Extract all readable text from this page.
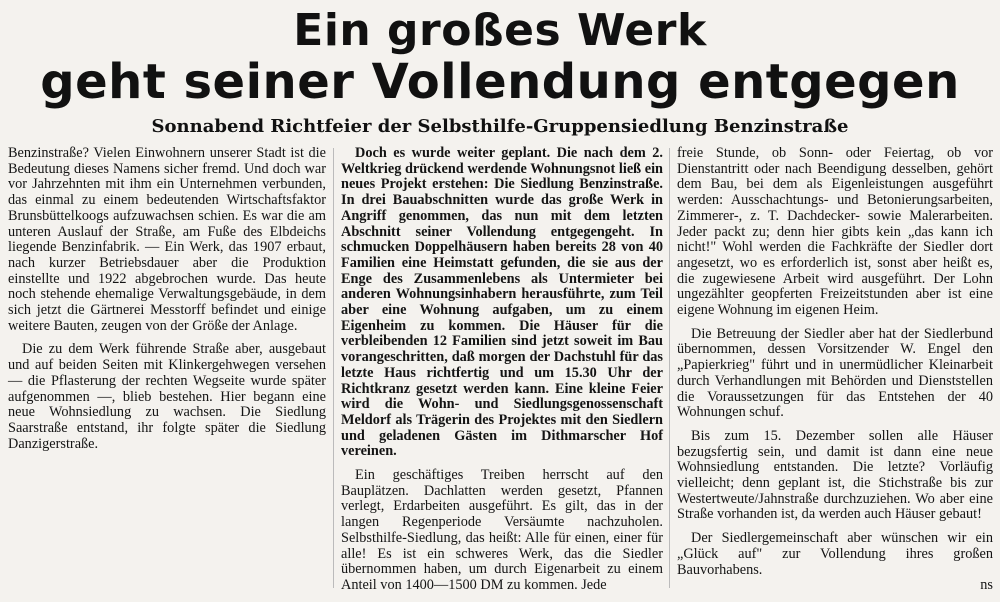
Ein großes Werk
geht seiner Vollendung entgegen
Sonnabend Richtfeier der Selbsthilfe-Gruppensiedlung Benzinstraße

Benzinstraße? Vielen Einwohnern unserer Stadt ist die Bedeutung dieses Namens sicher fremd. Und doch war vor Jahrzehnten mit ihm ein Unternehmen verbunden, das einmal zu einem bedeutenden Wirtschaftsfaktor Brunsbüttelkoogs aufzuwachsen schien. Es war die am unteren Auslauf der Straße, am Fuße des Elbdeichs liegende Benzinfabrik. — Ein Werk, das 1907 erbaut, nach kurzer Betriebsdauer aber die Produktion einstellte und 1922 abgebrochen wurde. Das heute noch stehende ehemalige Verwaltungsgebäude, in dem sich jetzt die Gärtnerei Messtorff befindet und einige weitere Bauten, zeugen von der Größe der Anlage.

Die zu dem Werk führende Straße aber, ausgebaut und auf beiden Seiten mit Klinkergehwegen versehen — die Pflasterung der rechten Wegseite wurde später aufgenommen —, blieb bestehen. Hier begann eine neue Wohnsiedlung zu wachsen. Die Siedlung Saarstraße entstand, ihr folgte später die Siedlung Danzigerstraße.

Doch es wurde weiter geplant. Die nach dem 2. Weltkrieg drückend werdende Wohnungsnot ließ ein neues Projekt erstehen: Die Siedlung Benzinstraße. In drei Bauabschnitten wurde das große Werk in Angriff genommen, das nun mit dem letzten Abschnitt seiner Vollendung entgegengeht. In schmucken Doppelhäusern haben bereits 28 von 40 Familien eine Heimstatt gefunden, die sie aus der Enge des Zusammenlebens als Untermieter bei anderen Wohnungsinhabern herausführte, zum Teil aber eine Wohnung aufgaben, um zu einem Eigenheim zu kommen. Die Häuser für die verbleibenden 12 Familien sind jetzt soweit im Bau vorangeschritten, daß morgen der Dachstuhl für das letzte Haus richtfertig und um 15.30 Uhr der Richtkranz gesetzt werden kann. Eine kleine Feier wird die Wohn- und Siedlungsgenossenschaft Meldorf als Trägerin des Projektes mit den Siedlern und geladenen Gästen im Dithmarscher Hof vereinen.

Ein geschäftiges Treiben herrscht auf den Bauplätzen. Dachlatten werden gesetzt, Pfannen verlegt, Erdarbeiten ausgeführt. Es gilt, das in der langen Regenperiode Versäumte nachzuholen. Selbsthilfe-Siedlung, das heißt: Alle für einen, einer für alle! Es ist ein schweres Werk, das die Siedler übernommen haben, um durch Eigenarbeit zu einem Anteil von 1400—1500 DM zu kommen. Jede

freie Stunde, ob Sonn- oder Feiertag, ob vor Dienstantritt oder nach Beendigung desselben, gehört dem Bau, bei dem als Eigenleistungen ausgeführt werden: Ausschachtungs- und Betonierungsarbeiten, Zimmerer-, z. T. Dachdecker- sowie Malerarbeiten. Jeder packt zu; denn hier gibts kein „das kann ich nicht!" Wohl werden die Fachkräfte der Siedler dort angesetzt, wo es erforderlich ist, sonst aber heißt es, die zugewiesene Arbeit wird ausgeführt. Der Lohn ungezählter geopferten Freizeitstunden aber ist eine eigene Wohnung im eigenen Heim.

Die Betreuung der Siedler aber hat der Siedlerbund übernommen, dessen Vorsitzender W. Engel den „Papierkrieg" führt und in unermüdlicher Kleinarbeit durch Verhandlungen mit Behörden und Dienststellen die Voraussetzungen für das Entstehen der 40 Wohnungen schuf.

Bis zum 15. Dezember sollen alle Häuser bezugsfertig sein, und damit ist dann eine neue Wohnsiedlung entstanden. Die letzte? Vorläufig vielleicht; denn geplant ist, die Stichstraße bis zur Westertweute/Jahnstraße durchzuziehen. Wo aber eine Straße vorhanden ist, da werden auch Häuser gebaut!

Der Siedlergemeinschaft aber wünschen wir ein „Glück auf" zur Vollendung ihres großen Bauvorhabens.

ns
